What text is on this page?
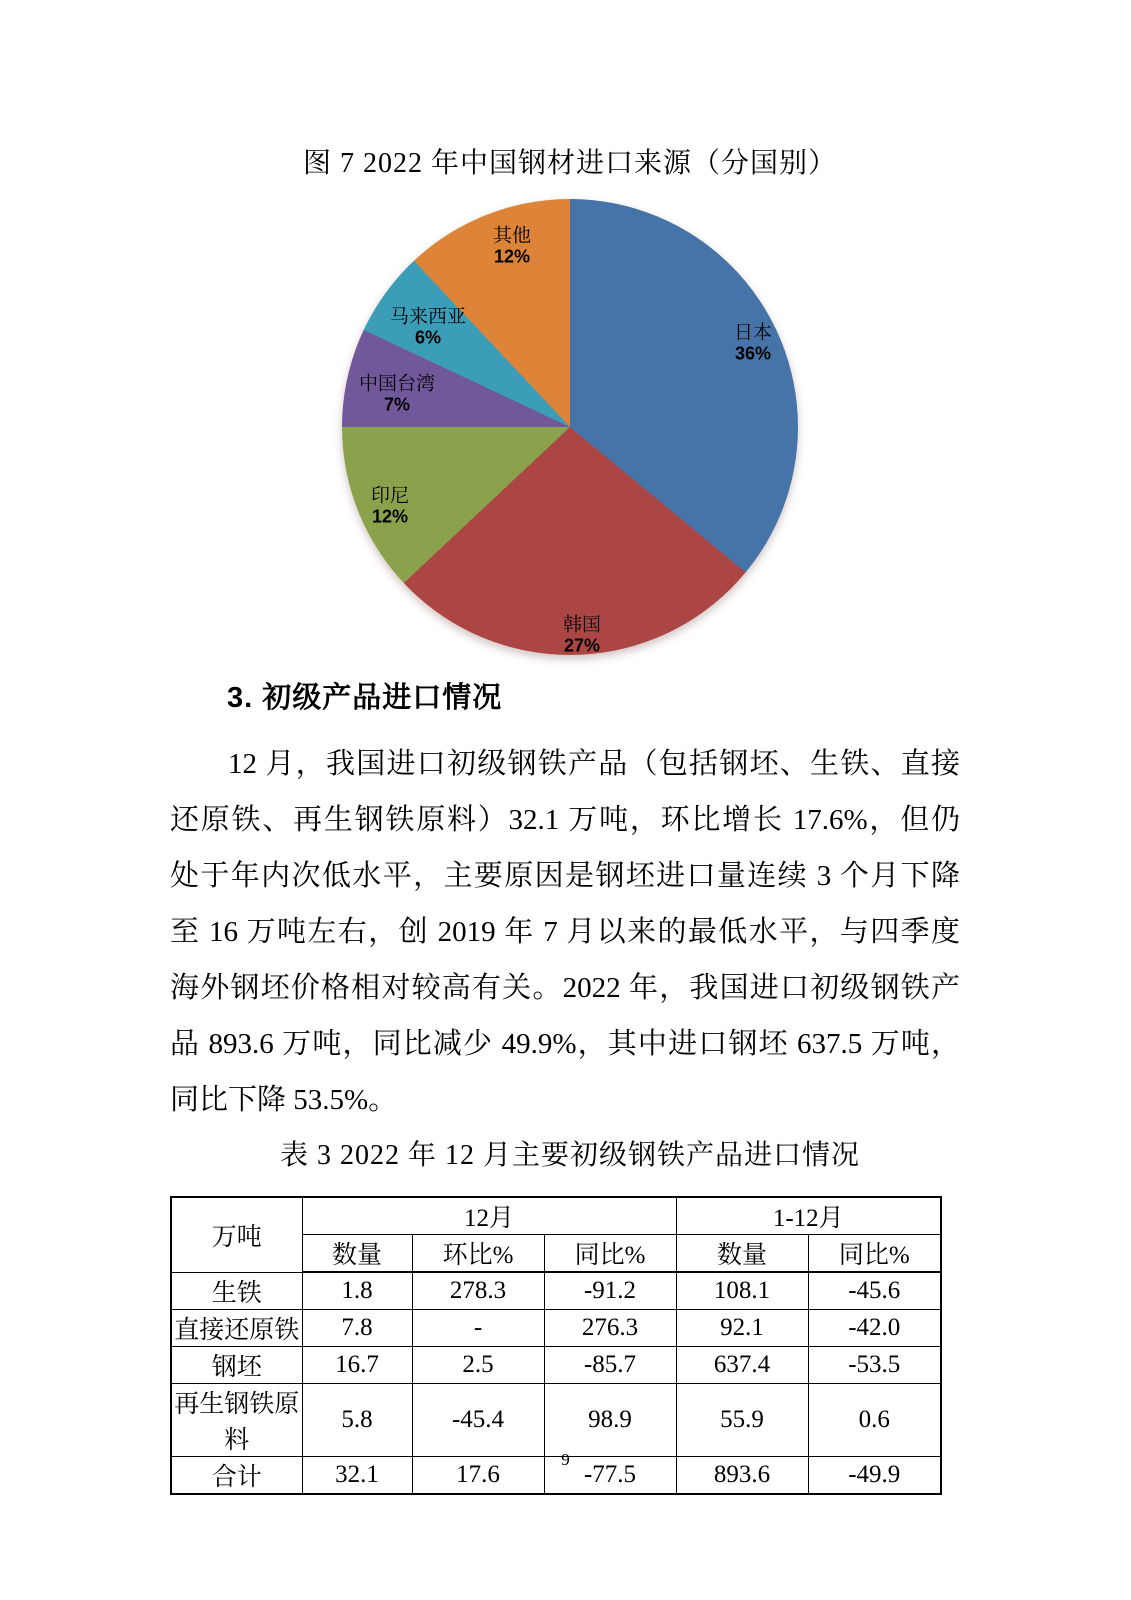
图 7 2022 年中国钢材进口来源（分国别）
日本
36%
韩国
27%
印尼
12%
中国台湾
7%
马来西亚
6%
其他
12%
3. 初级产品进口情况
12 月，我国进口初级钢铁产品（包括钢坯、生铁、直接
还原铁、再生钢铁原料）32.1 万吨，环比增长 17.6%，但仍
处于年内次低水平，主要原因是钢坯进口量连续 3 个月下降
至 16 万吨左右，创 2019 年 7 月以来的最低水平，与四季度
海外钢坯价格相对较高有关。2022 年，我国进口初级钢铁产
品 893.6 万吨，同比减少 49.9%，其中进口钢坯 637.5 万吨，
同比下降 53.5%。
表 3 2022 年 12 月主要初级钢铁产品进口情况
万吨	12月			1-12月	
	数量	环比%	同比%	数量	同比%
生铁	1.8	278.3	-91.2	108.1	-45.6
直接还原铁	7.8	-	276.3	92.1	-42.0
钢坯	16.7	2.5	-85.7	637.4	-53.5
再生钢铁原料	5.8	-45.4	98.9	55.9	0.6
合计	32.1	17.6	-77.5	893.6	-49.9
9
